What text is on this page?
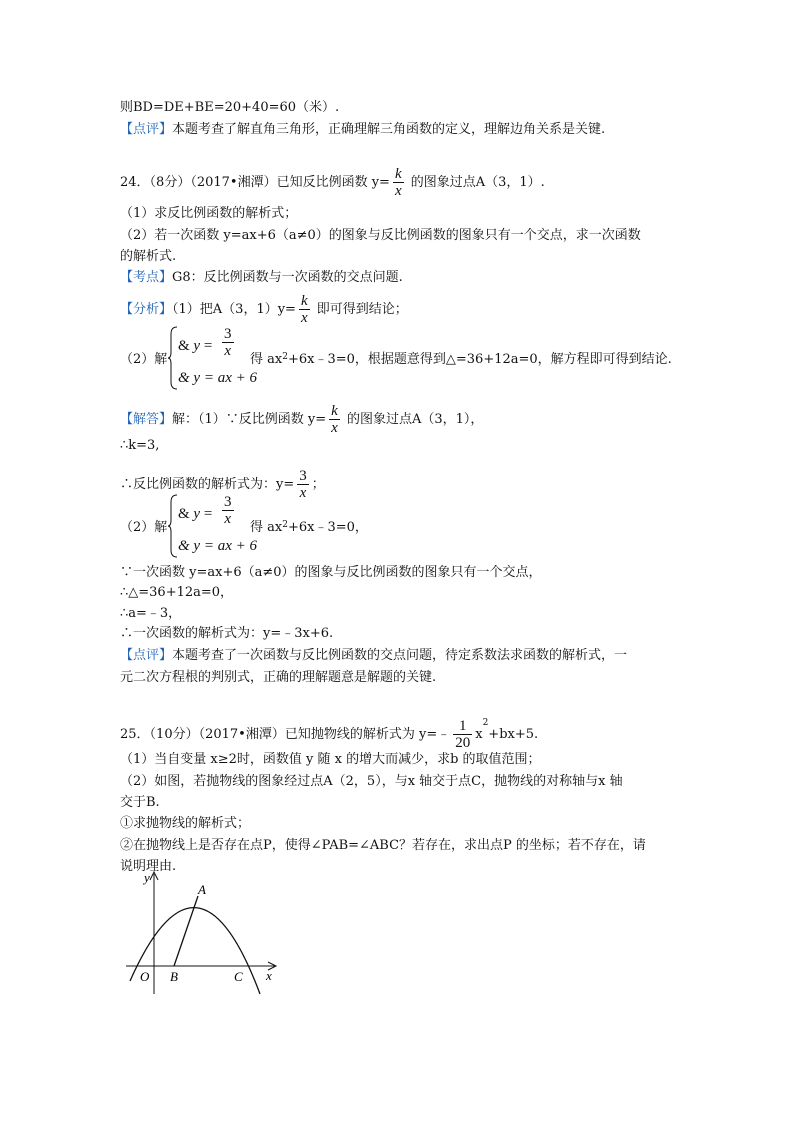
则BD=DE+BE=20+40=60（米）.
【点评】本题考查了解直角三角形，正确理解三角函数的定义，理解边角关系是关键.
24．（8分）（2017•湘潭）已知反比例函数 $y= \frac{k}{x}$ 的图象过点A（3，1）.
（1）求反比例函数的解析式；
（2）若一次函数 y=ax+6（a≠0）的图象与反比例函数的图象只有一个交点，求一次函数
的解析式.
【考点】G8：反比例函数与一次函数的交点问题.
【分析】（1）把A（3，$1)y= \frac{k}{x}$ 即可得到结论；
（2）解
& $y = \frac{3}{x}$
& y = ax + 6
得 $ax^2+6x﹣3=0$，根据题意得到△=36+12a=0，解方程即可得到结论.
【解答】解：（1）∵反比例函数 $y= \frac{k}{x}$ 的图象过点A（3，1），
∴k=3,
∴反比例函数的解析式为：$y= \frac{3}{x}$ ；
（2）解
& $y = \frac{3}{x}$
& y = ax + 6
得 $ax^2+6x﹣3=0$，
∵一次函数 y=ax+6（a≠0）的图象与反比例函数的图象只有一个交点，
∴△=36+12a=0，
∴a=﹣3，
∴一次函数的解析式为：y=﹣3x+6.
【点评】本题考查了一次函数与反比例函数的交点问题，待定系数法求函数的解析式，一
元二次方程根的判别式，正确的理解题意是解题的关键.
25．（10分）（2017•湘潭）已知抛物线的解析式为 y=﹣ $\frac{1}{20} x^2+bx+5$.
（1）当自变量 x≥2时，函数值 y 随 x 的增大而减少，求b 的取值范围；
（2）如图，若抛物线的图象经过点A（2，5），与x 轴交于点C，抛物线的对称轴与x 轴
交于B.
①求抛物线的解析式；
②在抛物线上是否存在点P，使得∠PAB=∠ABC？若存在，求出点P 的坐标；若不存在，请
说明理由.
y
A
O B	C x
